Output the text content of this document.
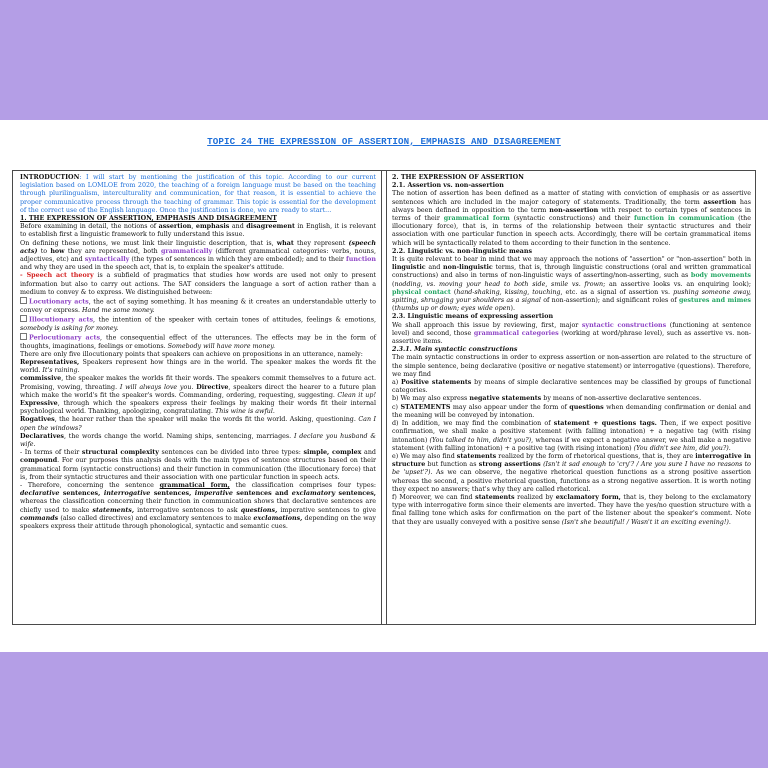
TOPIC 24 THE EXPRESSION OF ASSERTION, EMPHASIS AND DISAGREEMENT

INTRODUCTION: I will start by mentioning the justification of this topic. According to our current legislation based on LOMLOE from 2020, the teaching of a foreign language must be based on the teaching through plurilingualism, interculturality and communication, for that reason, it is essential to achieve the proper communicative process through the teaching of grammar. This topic is essential for the development of the correct use of the English language. Once the justification is done, we are ready to start…

1. THE EXPRESSION OF ASSERTION, EMPHASIS AND DISAGREEMENT

Before examining in detail, the notions of assertion, emphasis and disagreement in English, it is relevant to establish first a linguistic framework to fully understand this issue.

On defining these notions, we must link their linguistic description, that is, what they represent (speech acts) to how they are represented, both grammatically (different grammatical categories: verbs, nouns, adjectives, etc) and syntactically (the types of sentences in which they are embedded); and to their function and why they are used in the speech act, that is, to explain the speaker's attitude.

- Speech act theory is a subfield of pragmatics that studies how words are used not only to present information but also to carry out actions. The SAT considers the language a sort of action rather than a medium to convey & to express. We distinguished between:

Locutionary acts, the act of saying something. It has meaning & it creates an understandable utterly to convey or express. Hand me some money.

Illocutionary acts, the intention of the speaker with certain tones of attitudes, feelings & emotions, somebody is asking for money.

Perlocutionary acts, the consequential effect of the utterances. The effects may be in the form of thoughts, imaginations, feelings or emotions. Somebody will have more money.

There are only five illocutionary points that speakers can achieve on propositions in an utterance, namely:

Representatives, Speakers represent how things are in the world. The speaker makes the words fit the world. It's raining.

commissive, the speaker makes the worlds fit their words. The speakers commit themselves to a future act. Promising, vowing, threating. I will always love you. Directive, speakers direct the hearer to a future plan which make the world's fit the speaker's words. Commanding, ordering, requesting, suggesting. Clean it up! Expressive, through which the speakers express their feelings by making their words fit their internal psychological world. Thanking, apologizing, congratulating. This wine is awful.

Rogatives, the hearer rather than the speaker will make the words fit the world. Asking, questioning. Can I open the windows?

Declaratives, the words change the world. Naming ships, sentencing, marriages. I declare you husband & wife.

- In terms of their structural complexity sentences can be divided into three types: simple, complex and compound. For our purposes this analysis deals with the main types of sentence structures based on their grammatical form (syntactic constructions) and their function in communication (the illocutionary force) that is, from their syntactic structures and their association with one particular function in speech acts.

- Therefore, concerning the sentence grammatical form, the classification comprises four types: declarative sentences, interrogative sentences, imperative sentences and exclamatory sentences, whereas the classification concerning their function in communication shows that declarative sentences are chiefly used to make statements, interrogative sentences to ask questions, imperative sentences to give commands (also called directives) and exclamatory sentences to make exclamations, depending on the way speakers express their attitude through phonological, syntactic and semantic cues.

2. THE EXPRESSION OF ASSERTION

2.1. Assertion vs. non-assertion

The notion of assertion has been defined as a matter of stating with conviction of emphasis or as assertive sentences which are included in the major category of statements. Traditionally, the term assertion has always been defined in opposition to the term non-assertion with respect to certain types of sentences in terms of their grammatical form (syntactic constructions) and their function in communication (the illocutionary force), that is, in terms of the relationship between their syntactic structures and their association with one particular function in speech acts. Accordingly, there will be certain grammatical items which will be syntactically related to them according to their function in the sentence.

2.2. Linguistic vs. non-linguistic means

It is quite relevant to bear in mind that we may approach the notions of "assertion" or "non-assertion" both in linguistic and non-linguistic terms, that is, through linguistic constructions (oral and written grammatical constructions) and also in terms of non-linguistic ways of asserting/non-asserting, such as body movements (nodding, vs. moving your head to both side, smile vs. frown; an assertive looks vs. an enquiring look); physical contact (hand-shaking, kissing, touching, etc. as a signal of assertion vs. pushing someone away, spitting, shrugging your shoulders as a signal of non-assertion); and significant roles of gestures and mimes (thumbs up or down; eyes wide open).

2.3. Linguistic means of expressing assertion

We shall approach this issue by reviewing, first, major syntactic constructions (functioning at sentence level) and second, those grammatical categories (working at word/phrase level), such as assertive vs. non-assertive items.

2.3.1. Main syntactic constructions

The main syntactic constructions in order to express assertion or non-assertion are related to the structure of the simple sentence, being declarative (positive or negative statement) or interrogative (questions). Therefore, we may find

a) Positive statements by means of simple declarative sentences may be classified by groups of functional categories.

b) We may also express negative statements by means of non-assertive declarative sentences.

c) STATEMENTS may also appear under the form of questions when demanding confirmation or denial and the meaning will be conveyed by intonation.

d) In addition, we may find the combination of statement + questions tags. Then, if we expect positive confirmation, we shall make a positive statement (with falling intonation) + a negative tag (with rising intonation) (You talked to him, didn't you?), whereas if we expect a negative answer, we shall make a negative statement (with falling intonation) + a positive tag (with rising intonation) (You didn't see him, did you?).

e) We may also find statements realized by the form of rhetorical questions, that is, they are interrogative in structure but function as strong assertions (Isn't it sad enough to 'cry'? / Are you sure I have no reasons to be 'upset'?). As we can observe, the negative rhetorical question functions as a strong positive assertion whereas the second, a positive rhetorical question, functions as a strong negative assertion. It is worth noting they expect no answers; that's why they are called rhetorical.

f) Moreover, we can find statements realized by exclamatory form, that is, they belong to the exclamatory type with interrogative form since their elements are inverted. They have the yes/no question structure with a final falling tone which asks for confirmation on the part of the listener about the speaker's comment. Note that they are usually conveyed with a positive sense (Isn't she beautiful! / Wasn't it an exciting evening!).
